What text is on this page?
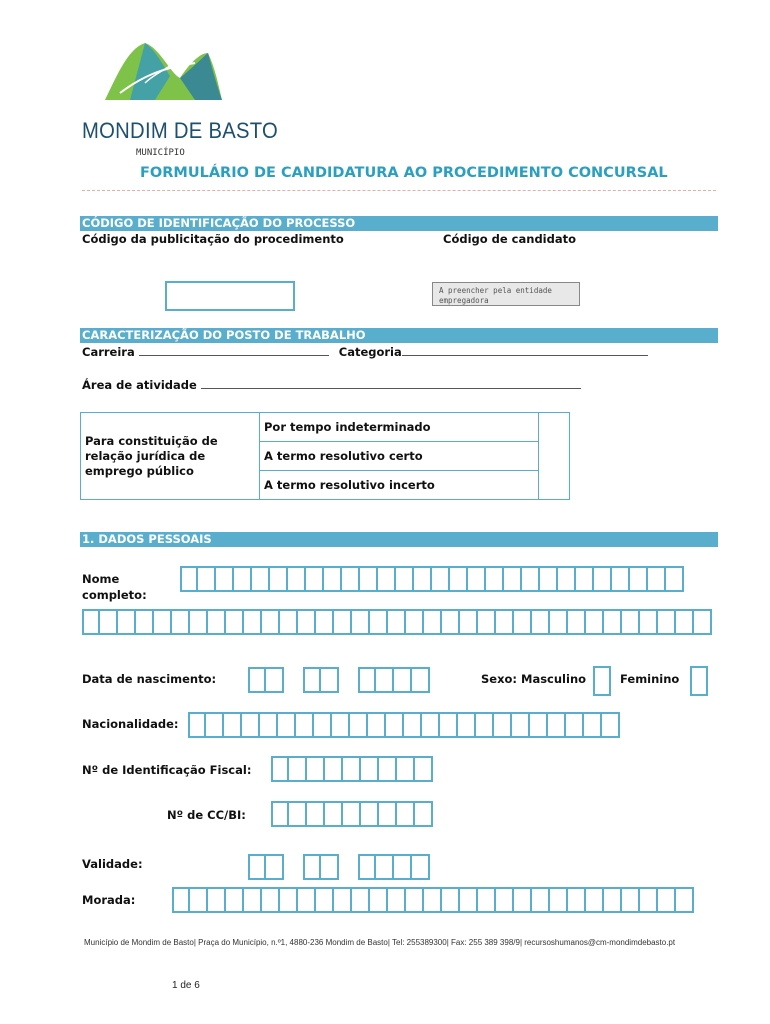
MONDIM DE BASTO
MUNICÍPIO
FORMULÁRIO DE CANDIDATURA AO PROCEDIMENTO CONCURSAL
CÓDIGO DE IDENTIFICAÇÃO DO PROCESSO
Código da publicitação do procedimento	Código de candidato
A preencher pela entidade empregadora
CARACTERIZAÇÃO DO POSTO DE TRABALHO
Carreira	Categoria
Área de atividade
Para constituição de relação jurídica de emprego público	Por tempo indeterminado	
A termo resolutivo certo
A termo resolutivo incerto
1. DADOS PESSOAIS
Nome completo:
Data de nascimento:	Sexo: Masculino	Feminino
Nacionalidade:
Nº de Identificação Fiscal:
Nº de CC/BI:
Validade:
Morada:
Município de Mondim de Basto| Praça do Município, n.º1, 4880-236 Mondim de Basto| Tel: 255389300| Fax: 255 389 398/9| recursoshumanos@cm-mondimdebasto.pt
1 de 6
